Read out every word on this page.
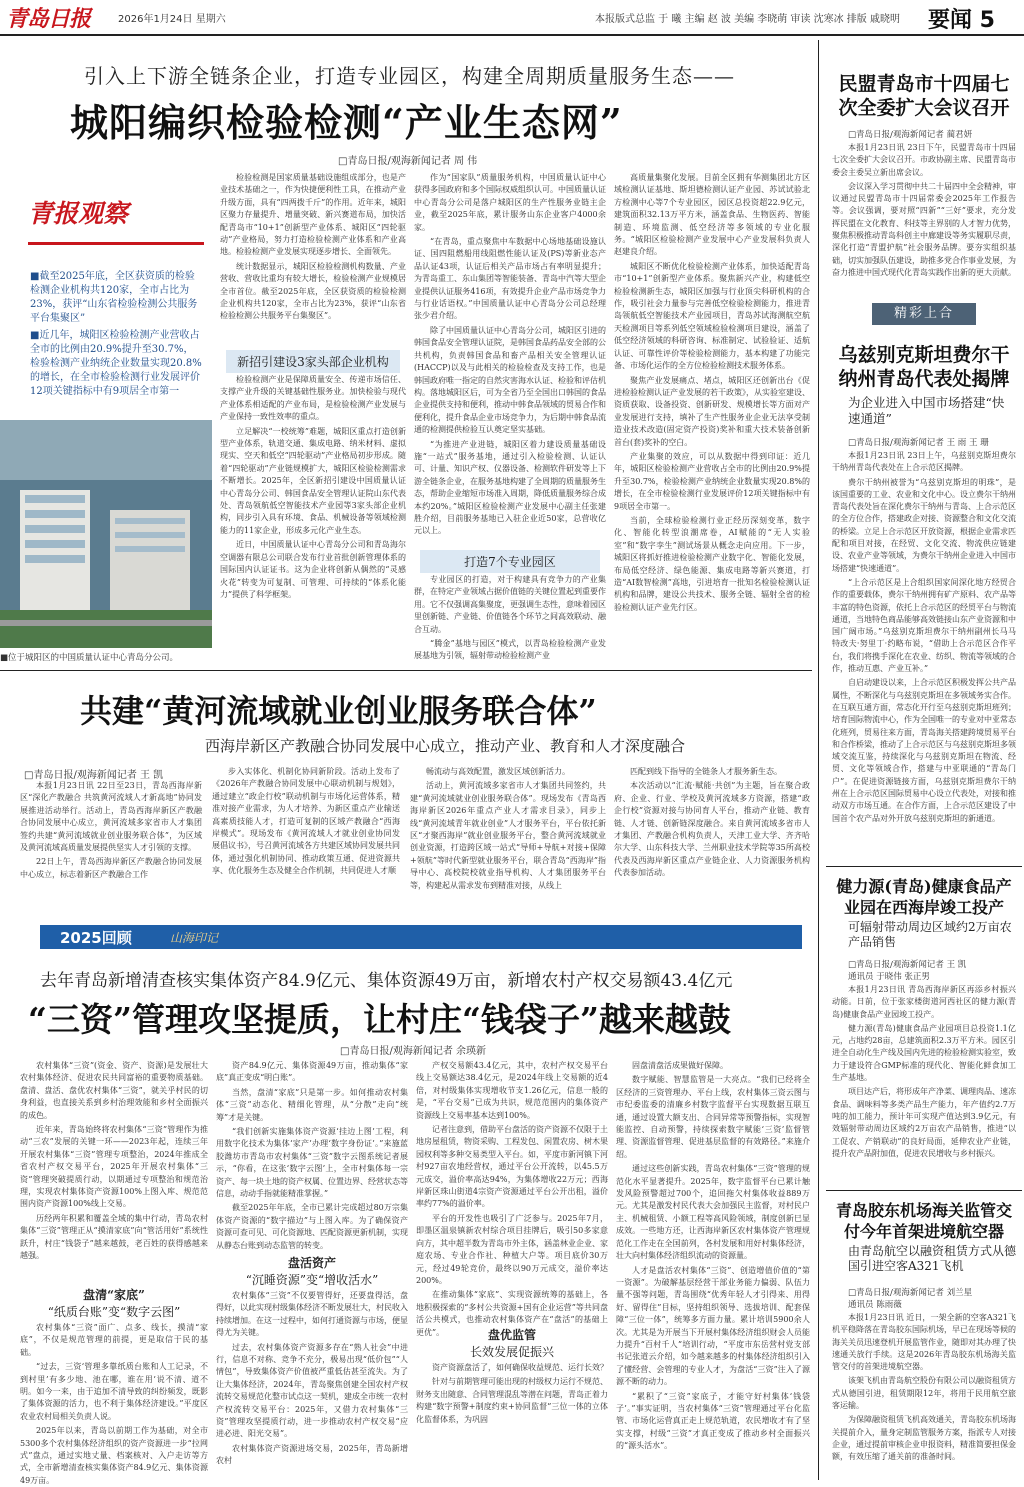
青岛日报	2026年1月24日 星期六	本报版式总监 于 曦 主编 赵 波 美编 李晓萌 审读 沈寒冰 排版 戚晓明 要闻 5
引入上下游全链条企业，打造专业园区，构建全周期质量服务生态——
城阳编织检验检测“产业生态网”
□青岛日报/观海新闻记者 周 伟
青报观察

■截至2025年底，全区获资质的检验检测企业机构共120家，全市占比为23%，获评“山东省检验检测公共服务平台集聚区”

■近几年，城阳区检验检测产业营收占全市的比例由20.9%提升至30.7%，检验检测产业纳统企业数量实现20.8%的增长，在全市检验检测行业发展评价12项关键指标中有9项居全市第一

■位于城阳区的中国质量认证中心青岛分公司。

检验检测是国家质量基础设施组成部分，也是产业技术基础之一，作为快捷便利性工具，在推动产业升级方面，具有“四两拨千斤”的作用。近年来，城阳区聚力存量提升、增量突破、新兴赛道布局，加快活配青岛市“10+1”创新型产业体系、城阳区“四轮驱动”产业格局，努力打造检验检测产业体系和产业高地。检验检测产业发展实现逐步增长、全面领先。

统计数据显示，城阳区检验检测机构数量、产业营收、营收比重均有较大增长，检验检测产业规模居全市首位。截至2025年底，全区获资质的检验检测企业机构共120家，全市占比为23%，获评“山东省检验检测公共服务平台集聚区”。

新招引建设3家头部企业机构

检验检测产业是保障质量安全、传递市场信任、支撑产业升级的关键基础性服务业。加快检验与现代产业体系相适配的产业布局，是检验检测产业发展与产业保持一致性效率的重点。

立足解决“一校统筹”难题，城阳区重点打造创新型产业体系，轨道交通、集成电路、纳米材料、虚拟现实、空天和低空“四轮驱动”产业格局初步形成。随着“四轮驱动”产业链规模扩大，城阳区检验检测需求不断增长。2025年，全区新招引建设中国质量认证中心青岛分公司、韩国食品安全管理认证院山东代表处、青岛领航低空智能技术产业园等3家头部企业机构，同步引入具有环境、食品、机械设备等领域检测能力的11家企业，形成多元化产业生态。

近日，中国质量认证中心青岛分公司和青岛海尔空调器有限总公司联合发布行业首批创新管理体系的国际国内认证证书。这为企业将创新从偶然的“灵感火花”转变为可复制、可管理、可持续的“体系化能力”提供了科学框架。

作为“国家队”质量服务机构，中国质量认证中心获得多国政府和多个国际权威组织认可。中国质量认证中心青岛分公司是落户城阳区的生产性服务业链主企业，截至2025年底，累计服务山东企业客户4000余家。

“在青岛，重点聚焦中车数据中心场地基础设施认证、国四阻燃船用线阻燃性能认证及(PS)等新业态产品认证43项，认证后相关产品市场占有率明显提升；为青岛重工、东山集团等智能装备、青岛中汽等大型企业提供认证服务416项，有效提升企业产品市场竞争力与行业话语权。”中国质量认证中心青岛分公司总经理张少君介绍。

除了中国质量认证中心青岛分公司，城阳区引进的韩国食品安全管理认证院，是韩国食品药品安全部的公共机构，负责韩国食品和畜产品相关安全管理认证(HACCP)以及与此相关的检验检查及支持工作，也是韩国政府唯一指定的自然灾害海水认证、检验和评估机构。落地城阳区后，可为全省乃至全国出口韩国的食品企业提供支持和便利，推动中韩食品领域的贸易合作和便利化，提升食品企业市场竞争力，为后期中韩食品流通的检测提供检验互认奠定坚实基础。

“为推进产业进链，城阳区着力建设质量基础设施“一站式”服务基地，通过引入检验检测、认证认可、计量、知识产权、仪器设备、检测软件研发等上下游全链条企业，在服务基地构建了全周期的质量服务生态，帮助企业缩短市场准入周期，降低质量服务综合成本约20%。”城阳区检验检测产业发展中心副主任张建胜介绍，目前服务基地已入驻企业近50家，总营收亿元以上。

打造7个专业园区

专业园区的打造，对于构建具有竞争力的产业集群，在特定产业领域占据价值链的关键位置起到重要作用。它不仅强调高集聚度，更强调生态性，意味着园区里创新链、产业链、价值链各个环节之间高效联动、融合互动。

“腾金”基地与园区”模式，以青岛检验检测产业发展基地为引领，辐射带动检验检测产业

高质量集聚化发展。目前全区拥有华测集团北方区域检测认证基地、斯坦德检测认证产业园、苏试试验北方检测中心等7个专业园区，园区总投资超22.9亿元，建筑面积32.13万平方米，涵盖食品、生物医药、智能制造、环境监测、低空经济等多领域的专业化服务。“城阳区检验检测产业发展中心产业发展科负责人赵建良介绍。

城阳区不断优化检验检测产业体系，加快适配青岛市“10+1”创新型产业体系。聚焦新兴产业，构建低空检验检测新生态，城阳区加强与行业顶尖科研机构的合作，吸引社会力量参与完善低空检验检测能力，推进青岛领航低空智能技术产业园项目，青岛苏试海测航空航天检测项目等系列低空领域检验检测项目建设，涵盖了低空经济领域的科研咨询、标准制定、试验验证、适航认证、可靠性评价等检验检测能力，基本构建了功能完备、市场化运作的全方位检验检测技术服务体系。

聚焦产业发展痛点、堵点，城阳区还创新出台《促进检验检测认证产业发展的若干政策》，从实验室建设、资质获取、设备投资、创新研发、规模增长等方面对产业发展进行支持，填补了生产性服务业企业无法享受制造业技术改造(固定资产投资)奖补和重大技术装备创新首台(套)奖补的空白。

产业集聚的效应，可以从数据中得到印证：近几年，城阳区检验检测产业营收占全市的比例由20.9%提升至30.7%，检验检测产业纳统企业数量实现20.8%的增长，在全市检验检测行业发展评价12项关键指标中有9项居全市第一。

当前，全球检验检测行业正经历深刻变革，数字化、智能化转型浪潮席卷，AI赋能的“无人实验室”和“数字孪生”测试场景从概念走向应用。下一步，城阳区将抓好推进检验检测产业数字化、智能化发展，布局低空经济、绿色能源、集成电路等新兴赛道，打造“AI数智检测”高地，引进培育一批知名检验检测认证机构和品牌，建设公共技术、服务全链、辐射全省的检验检测认证产业先行区。

共建“黄河流域就业创业服务联合体”
西海岸新区产教融合协同发展中心成立，推动产业、教育和人才深度融合
□青岛日报/观海新闻记者 王 凯

本报1月23日讯 22日至23日，青岛西海岸新区“深化产教融合 共筑黄河流域人才新高地”协同发展推进活动举行。活动上，青岛西海岸新区产教融合协同发展中心成立，黄河流域多家省市人才集团签约共建“黄河流域就业创业服务联合体”，为区域及黄河流域高质量发展提供坚实人才引领的支撑。

22日上午，青岛西海岸新区产教融合协同发展中心成立，标志着新区产教融合工作

步入实体化、机制化协同新阶段。活动上发布了《2026年产教融合协同发展中心联动机制与规划》，通过建立“政企行校”联动机制与市场化运营体系，精准对接产业需求，为人才培养、为新区重点产业输送高素质技能人才，打造可复制的区域产教融合“西海岸模式”。现场发布《黄河流域人才就业创业协同发展倡议书》，号召黄河流域各方共建区域协同发展共同体，通过强化机制协同、推动政策互通、促进资源共享、优化服务生态及健全合作机制，共同促进人才顺

畅流动与高效配置，激发区域创新活力。

活动上，黄河流域多家省市人才集团共同签约，共建“黄河流域就业创业服务联合体”。现场发布《青岛西海岸新区2026年重点产业人才需求目录》，同步上线“黄河流域青年就业创业”人才服务平台，平台依托新区“才聚西海岸”就业创业服务平台，整合黄河流域就业创业资源，打造跨区域一站式“导师+导航+对接+保障+领航”等时代新型就业服务平台，联合青岛“西海岸”指导中心、高校院校就业指导机构、人才集团服务平台等，构建起从需求发布到精准对接，从线上

匹配到线下指导的全链条人才服务新生态。

本次活动以“汇流·赋能·共创”为主题，旨在聚合政府、企业、行业、学校及黄河流域多方资源，搭建“政企行校”资源对接与协同育人平台，推动产业链、教育链、人才链、创新链深度融合。来自黄河流域多省市人才集团、产教融合机构负责人，天津工业大学、齐齐哈尔大学、山东科技大学、兰州职业技术学院等35所高校代表及西海岸新区重点产业链企业、人力资源服务机构代表参加活动。

2025回顾	山海印记
去年青岛新增清查核实集体资产84.9亿元、集体资源49万亩，新增农村产权交易额43.4亿元
“三资”管理攻坚提质，让村庄“钱袋子”越来越鼓
□青岛日报/观海新闻记者 余瑛新

农村集体“三资”(资金、资产、资源)是发展壮大农村集体经济、促进农民共同富裕的重要物质基础。盘清、盘活、盘优农村集体“三资”，就关乎村民的切身利益，也直接关系到乡村治理效能和乡村全面振兴的成色。

近年来，青岛始终将农村集体“三资”管理作为推动“三农”发展的关键一环——2023年起，连续三年开展农村集体“三资”管理专项整治，2024年推成全省农村产权交易平台，2025年开展农村集体“三资”管理突破提质行动，以期通过专项整治和规范治理，实现农村集体资产资源100%上图入库、规范范围内资产资源100%线上交易。

历经两年积累和覆盖全域的集中行动，青岛农村集体“三资”管理正从“摸清家底”向“管活用好”系统性跃升，村庄“钱袋子”越来越鼓，老百姓的获得感越来越强。

盘清“家底”
“纸质台账”变“数字云图”

农村集体“三资”面广、点多、线长，摸清“家底”，不仅是规范管理的前提，更是取信于民的基础。

“过去，三资‘管理多靠纸质台账和人工记录，不到村里’有多少地、池在哪，谁在用’说不清、道不明。如今一来，由于追加不清导致的纠纷频发，既影了集体资源的活力，也不利于集体经济建设。”平度区农业农村局相关负责人说。

2025年以来，青岛以前期工作为基础，对全市5300多个农村集体经济组织的资产资源进一步“拉网式”盘点，通过实地丈量、档案核对、入户走访等方式，全市新增清查核实集体资产84.9亿元、集体资源49万亩。

资产84.9亿元、集体资源49万亩，推动集体“家底”真正变成“明白账”。

当然，盘清“家底”只是第一步。如何推动农村集体“三资”动态化、精细化管理，从“分散”走向“统筹”才是关键。

“我们创新实施集体资产资源‘挂边上图’工程，利用数字化技术为集体‘家产’办理‘数字身份证’。”来施蓝胶潍坊市青岛市农村集体“三资”数字云图系统记者展示，“你看，在这张‘数字云图’上，全市村集体每一宗资产、每一块土地的资产权属、位置边界、经营状态等信息，动动手指就能精准掌握。”

截至2025年年底，全市已累计完成超过80万宗集体资产资源的“数字描边”与上图入库。为了确保资产资源可查可见、可化资源地、匹配资源更新机制，实现从静态台账到动态监管的转变。

盘活资产
“沉睡资源”变“增收活水”

农村集体“三资”不仅要管得好，还要盘得活，盘得好，以此实现村级集体经济不断发展壮大，村民收入持续增加。在这一过程中，如何打通资源与市场，便显得尤为关键。

过去，农村集体资产资源多存在“熟人社会”中进行，信息不对称、竞争不充分，极易出现“低价包”“人情包”，导致集体资产价值被严重低估甚至流失。为了让大集体经济，2024年，青岛聚焦创建全国农村产权流转交易规范化整市试点这一契机，建成全市统一农村产权流转交易平台：2025年，又借力农村集体“三资”管理攻坚提质行动，进一步推动农村产权交易“应进必进、阳光交易”。

农村集体资产资源进场交易，2025年，青岛新增农村

产权交易额43.4亿元，其中，农村产权交易平台线上交易额达38.4亿元，是2024年线上交易额的近4倍，对村级集体实现增收节支1.26亿元，信息一般的是，“平台交易”已成为共识，规范范围内的集体资产资源线上交易率基本达到100%。

记者注意到，借助平台盘活的资产资源不仅限于土地房屋租赁，物资采购、工程发包、闲置农房、树木果园权利等多种交易类型入平台。如，平度市新河镇下河村927亩农地经营权，通过平台公开流转，以45.5万元成交，溢价率高达94%，为集体增收22万元；西海岸新区珠山街道4宗资产资源通过平台公开出租，溢价率约77%的溢价率。

平台的开发性也吸引了广泛参与。2025年7月，即墨区温泉镇新农村综合项目挂牌后，吸引50多家意向方，其中超半数为青岛市外主体，涵盖林业企业、家庭农场、专业合作社、种植大户等。项目底价30万元，经过49轮竞价，最终以90万元成交，溢价率达200%。

在推动集体“家底”、实现资源统筹的基础上，各地积极探索的“多村公共资源+国有企业运营”等共同盘活公共模式，也推动农村集体资产在“盘活”的基础上更优”。	盘优监管
长效发展促振兴

资产资源盘活了，如何确保收益规范、运行长效？

针对与前期管理可能出现的村级权力运行不规范、财务支出随意、合同管理混乱等潜在问题，青岛正着力构建“数字预警+制度约束+协同监督”三位一体的立体化监督体系，为巩固

固盘清盘活成果做好保障。

数字赋能、智慧监管是一大亮点。“我们已经将全区经济的三资管理办、平台上线，农村集体三资云图与市纪委监委的清廉乡村数字监督平台实现数据互联互通，通过设置大额支出、合同异常等预警指标，实现智能监控、自动预警，持续探索数字赋能‘三资’监督管理、资源监督管理、促进基层监督的有效路径。”来施介绍。

通过这些创新实践，青岛农村集体“三资”管理的规范化水平显著提升。2025年，数字监督平台已累计触发风险预警超过700个，追回拖欠村集体收益889万元。尤其是激发村民代表大会加强民主监督，对村民户主、机械租赁、小额工程等高风险领域，制度创新巳显成效。一些地方还，让西海岸新区农村集体资产管理规范化工作走在全国前列，各村发展和用好村集体经济，壮大向村集体经济组织流动的资源量。

人才是盘活农村集体“三资”、创造增值价值的“第一资源”。为破解基层经营干部业务能力偏弱、队伍力量不强等问题，青岛围绕“优秀年轻人才引得来、用得好、留得住”目标，坚持组织领导、选拔培训、配套保障“三位一体”，统筹多方面力量。累计培训5900余人次。尤其是为开展当下开展村集体经济组织财会人员能力提升“百村千人”培训行动，“平度市东岳营村党支部书记张道云介绍，如今越来越多的村集体经济组织引入了懂经营、会管理的专业人才，为盘活“三资”注入了源源不断的动力。

“累积了“三资”家底子，才能守好村集体‘钱袋子’。”事实证明，当农村集体“三资”管理通过平台化监管、市场化运营真正走上规范轨道，农民增收才有了坚实支撑，村级“三资”才真正变成了推动乡村全面振兴的“源头活水”。

民盟青岛市十四届七次全委扩大会议召开
□青岛日报/观海新闻记者 蔺君妍

本报1月23日讯 23日下午，民盟青岛市十四届七次全委扩大会议召开。市政协副主席、民盟青岛市委会主委吴立新出席会议。

会议深入学习贯彻中共二十届四中全会精神，审议通过民盟青岛市十四届常委会2025年工作报告等。会议强调，要对照“四新”“三好”要求，充分发挥民盟在文化教育、科技等主界别的人才智力优势，聚焦积极推动青岛科创主中廊建设等务实履职尽责，深化打造“青盟护航”社会服务品牌。要夯实组织基础，切实加强队伍建设，助推多党合作事业发展，为奋力推进中国式现代化青岛实践作出新的更大贡献。

精彩上合
乌兹别克斯坦费尔干纳州青岛代表处揭牌
为企业进入中国市场搭建“快速通道”
□青岛日报/观海新闻记者 王 雨 王 珊

本报1月23日讯 23日上午，乌兹别克斯坦费尔干纳州青岛代表处在上合示范区揭牌。

费尔干纳州被誉为“乌兹别克斯坦的明珠”，是该国重要的工业、农业和文化中心。设立费尔干纳州青岛代表处旨在深化费尔干纳州与青岛、上合示范区的全方位合作，搭建政企对接、资源整合和文化交流的桥梁。立足上合示范区开放资源，根据企业需求匹配和项目对接，在经贸、文化交流、物流供应链建设、农业产业等领域，为费尔干纳州企业进入中国市场搭建“快速通道”。

“上合示范区是上合组织国家间深化地方经贸合作的重要载体，费尔干纳州拥有矿产原料、农产品等丰富的特色资源，依托上合示范区的经贸平台与物流通道，当地特色商品能够高效链接山东产业资源和中国广阔市场。”乌兹别克斯坦费尔干纳州副州长马马特改夫·努里丁·约略布说，“借助上合示范区合作平台，我们将携手深化在农业、纺织、物流等领域的合作，推动互惠、产业互补。”

自启动建设以来，上合示范区积极发挥公共产品属性，不断深化与乌兹别克斯坦在多领域务实合作。在互联互通方面，常态化开行至乌兹别克斯坦班列；培育国际物流中心，作为全国唯一的专业对中亚常态化班列，贸易往来方面，青岛海关搭建跨境贸易平台和合作桥梁，推动了上合示范区与乌兹别克斯坦多领域交流互鉴，持续深化与乌兹别克斯坦在物流、经贸、文化等领域合作，搭建与中亚联通的“青岛门户”。在促进资源链接方面，乌兹别克斯坦费尔干纳州在上合示范区国际贸易中心设立代表处，对接和推动双方市场互通。在合作方面，上合示范区建设了中国首个农产品对外开放乌兹别克斯坦的新通道。

健力源(青岛)健康食品产业园在西海岸竣工投产
可辐射带动周边区域约2万亩农产品销售
□青岛日报/观海新闻记者 王 凯
通讯员 于晓伟 张正男

本报1月23日讯 青岛西海岸新区再添乡村振兴动能。日前，位于张家楼街道河西社区的健力源(青岛)健康食品产业园竣工投产。

健力源(青岛)健康食品产业园项目总投资1.1亿元，占地约28亩，总建筑面积2.3万平方米。园区引进全自动化生产线及国内先进的检验检测实验室，致力于建设符合GMP标准的现代化、智能化鲜食加工生产基地。

项目达产后，将形成年产净菜、调理肉品、速冻食品、调味料等多类产品生产能力，年产值约2.7万吨的加工能力，预计年可实现产值达到3.9亿元，有效辐射带动周边区域约2万亩农产品销售，推进“以工促农、产销联动”的良好局面，延伸农业产业链，提升农产品附加值，促进农民增收与乡村振兴。

青岛胶东机场海关监管交付今年首架进境航空器
由青岛航空以融资租赁方式从德国引进空客A321飞机
□青岛日报/观海新闻记者 刘兰星
通讯员 陈雨薇

本报1月23日讯 近日，一架全新的空客A321飞机平稳降落在青岛胶东国际机场，早已在现场等候的海关关员迅速登机开展监管作业，随即对其办理了快速通关放行手续。这是2026年青岛胶东机场海关监管交付的首架进境航空器。

该架飞机由青岛航空股份有限公司以融资租赁方式从德国引进，租赁期限12年，将用于民用航空旅客运输。

为保障融资租赁飞机高效通关，青岛胶东机场海关提前介入，量身定制监管服务方案，指派专人对接企业，通过提前审核企业申报资料，精准简要担保金额，有效压缩了通关前的准备时间。
